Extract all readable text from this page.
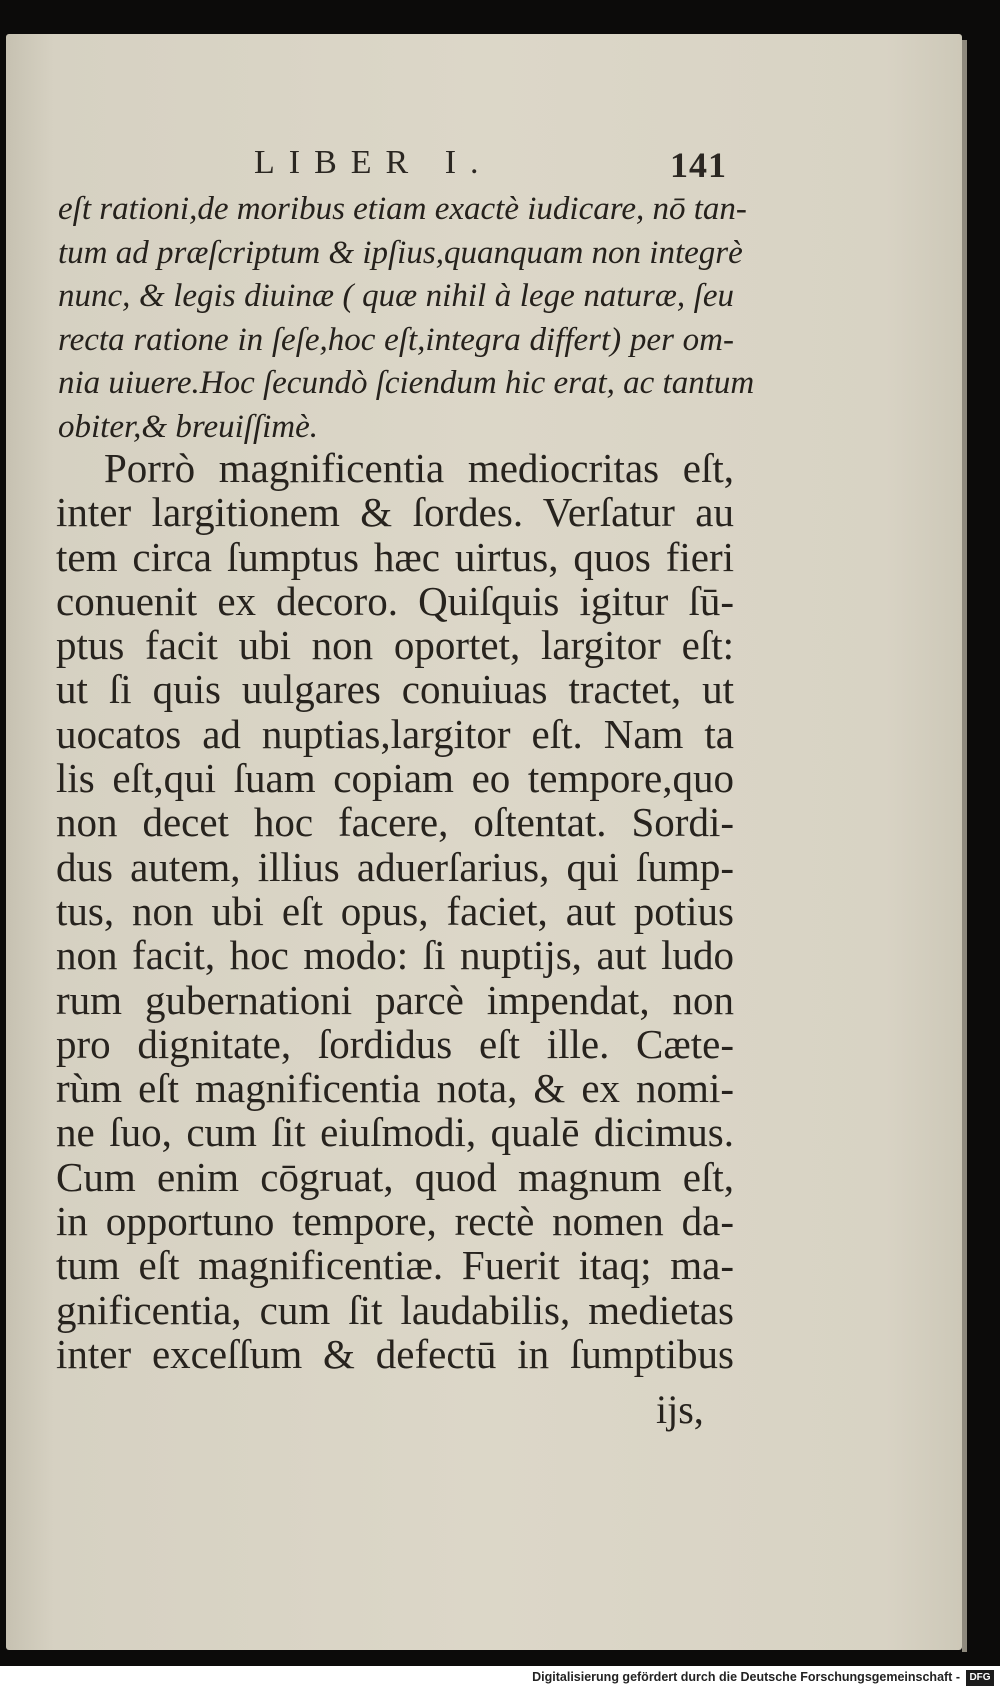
LIBER I.	141
eſt rationi,de moribus etiam exactè iudicare, nō tan-
tum ad præſcriptum & ipſius,quanquam non integrè
nunc, & legis diuinæ ( quæ nihil à lege naturæ, ſeu
recta ratione in ſeſe,hoc eſt,integra differt) per om-
nia uiuere.Hoc ſecundò ſciendum hic erat, ac tantum
obiter,& breuiſſimè.
Porrò magnificentia mediocritas eſt,
inter largitionem & ſordes. Verſatur au
tem circa ſumptus hæc uirtus, quos fieri
conuenit ex decoro. Quiſquis igitur ſū-
ptus facit ubi non oportet, largitor eſt:
ut ſi quis uulgares conuiuas tractet, ut
uocatos ad nuptias,largitor eſt. Nam ta
lis eſt,qui ſuam copiam eo tempore,quo
non decet hoc facere, oſtentat. Sordi-
dus autem, illius aduerſarius, qui ſump-
tus, non ubi eſt opus, faciet, aut potius
non facit, hoc modo: ſi nuptijs, aut ludo
rum gubernationi parcè impendat, non
pro dignitate, ſordidus eſt ille. Cæte-
rùm eſt magnificentia nota, & ex nomi-
ne ſuo, cum ſit eiuſmodi, qualē dicimus.
Cum enim cōgruat, quod magnum eſt,
in opportuno tempore, rectè nomen da-
tum eſt magnificentiæ. Fuerit itaq; ma-
gnificentia, cum ſit laudabilis, medietas
inter exceſſum & defectū in ſumptibus
ijs,
Digitalisierung gefördert durch die Deutsche Forschungsgemeinschaft - DFG
